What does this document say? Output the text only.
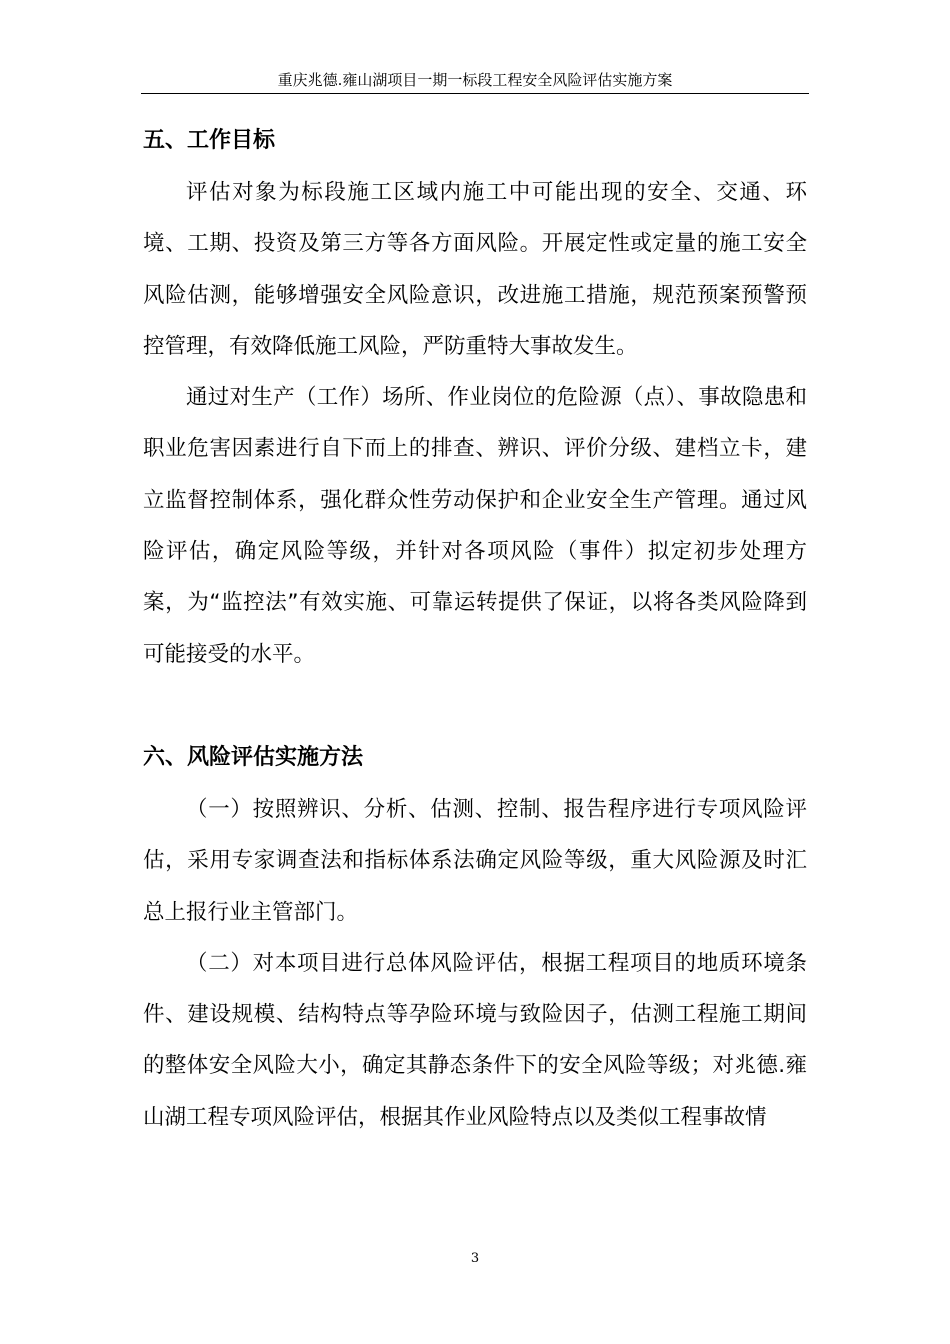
重庆兆德.雍山湖项目一期一标段工程安全风险评估实施方案
五、工作目标

评估对象为标段施工区域内施工中可能出现的安全、交通、环境、工期、投资及第三方等各方面风险。开展定性或定量的施工安全风险估测，能够增强安全风险意识，改进施工措施，规范预案预警预控管理，有效降低施工风险，严防重特大事故发生。

通过对生产（工作）场所、作业岗位的危险源（点）、事故隐患和职业危害因素进行自下而上的排查、辨识、评价分级、建档立卡，建立监督控制体系，强化群众性劳动保护和企业安全生产管理。通过风险评估，确定风险等级，并针对各项风险（事件）拟定初步处理方案，为“监控法”有效实施、可靠运转提供了保证，以将各类风险降到可能接受的水平。

六、风险评估实施方法

（一）按照辨识、分析、估测、控制、报告程序进行专项风险评估，采用专家调查法和指标体系法确定风险等级，重大风险源及时汇总上报行业主管部门。

（二）对本项目进行总体风险评估，根据工程项目的地质环境条件、建设规模、结构特点等孕险环境与致险因子，估测工程施工期间的整体安全风险大小，确定其静态条件下的安全风险等级；对兆德.雍山湖工程专项风险评估，根据其作业风险特点以及类似工程事故情

3
